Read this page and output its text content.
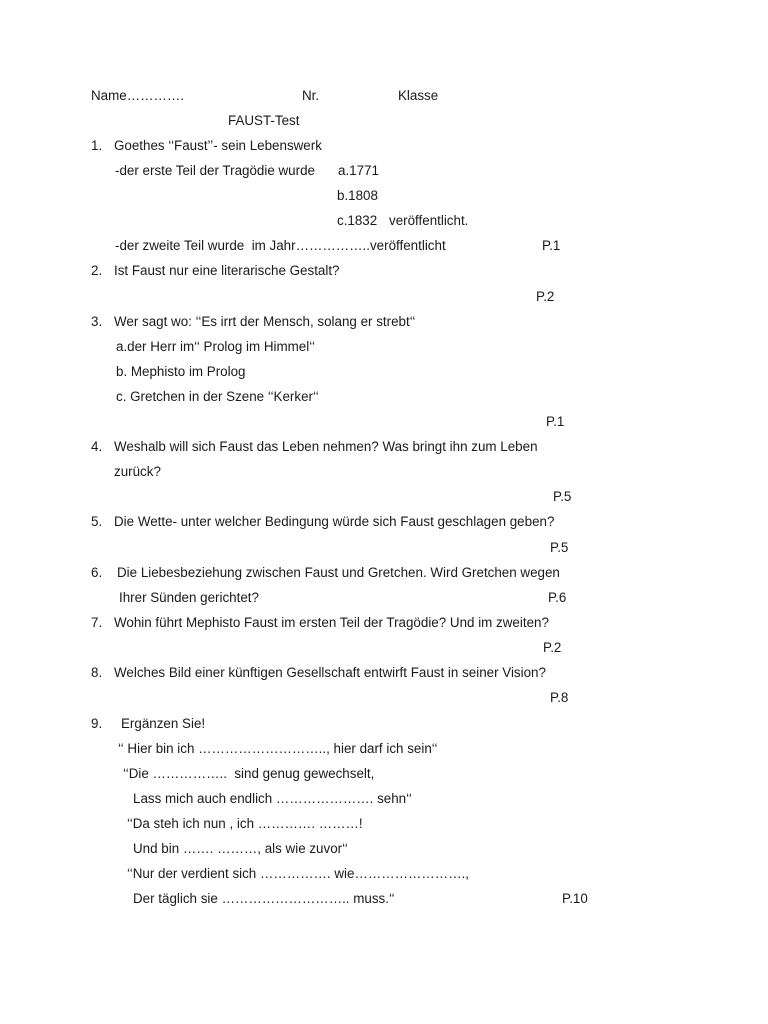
Name………….	Nr.	Klasse
FAUST-Test
1. Goethes ‘‘Faust’’- sein Lebenswerk
-der erste Teil der Tragödie wurde a.1771
b.1808
c.1832 veröffentlicht.
-der zweite Teil wurde  im Jahr……………..veröffentlicht	P.1
2. Ist Faust nur eine literarische Gestalt?
P.2
3. Wer sagt wo: ‘‘Es irrt der Mensch, solang er strebt‘‘
a.der Herr im‘‘ Prolog im Himmel‘‘
b. Mephisto im Prolog
c. Gretchen in der Szene ‘‘Kerker‘‘
P.1
4. Weshalb will sich Faust das Leben nehmen? Was bringt ihn zum Leben
zurück?
P.5
5. Die Wette- unter welcher Bedingung würde sich Faust geschlagen geben?
P.5
6. Die Liebesbeziehung zwischen Faust und Gretchen. Wird Gretchen wegen
Ihrer Sünden gerichtet?	P.6
7. Wohin führt Mephisto Faust im ersten Teil der Tragödie? Und im zweiten?
P.2
8. Welches Bild einer künftigen Gesellschaft entwirft Faust in seiner Vision?
P.8
9. Ergänzen Sie!
‘‘ Hier bin ich ……………………….., hier darf ich sein‘‘
‘‘Die ……………..  sind genug gewechselt,
Lass mich auch endlich …………………. sehn‘‘
‘‘Da steh ich nun , ich …………. ………!
Und bin ……. ………, als wie zuvor‘‘
‘‘Nur der verdient sich ……………. wie…………………….,
Der täglich sie ……………………….. muss.‘‘	P.10
